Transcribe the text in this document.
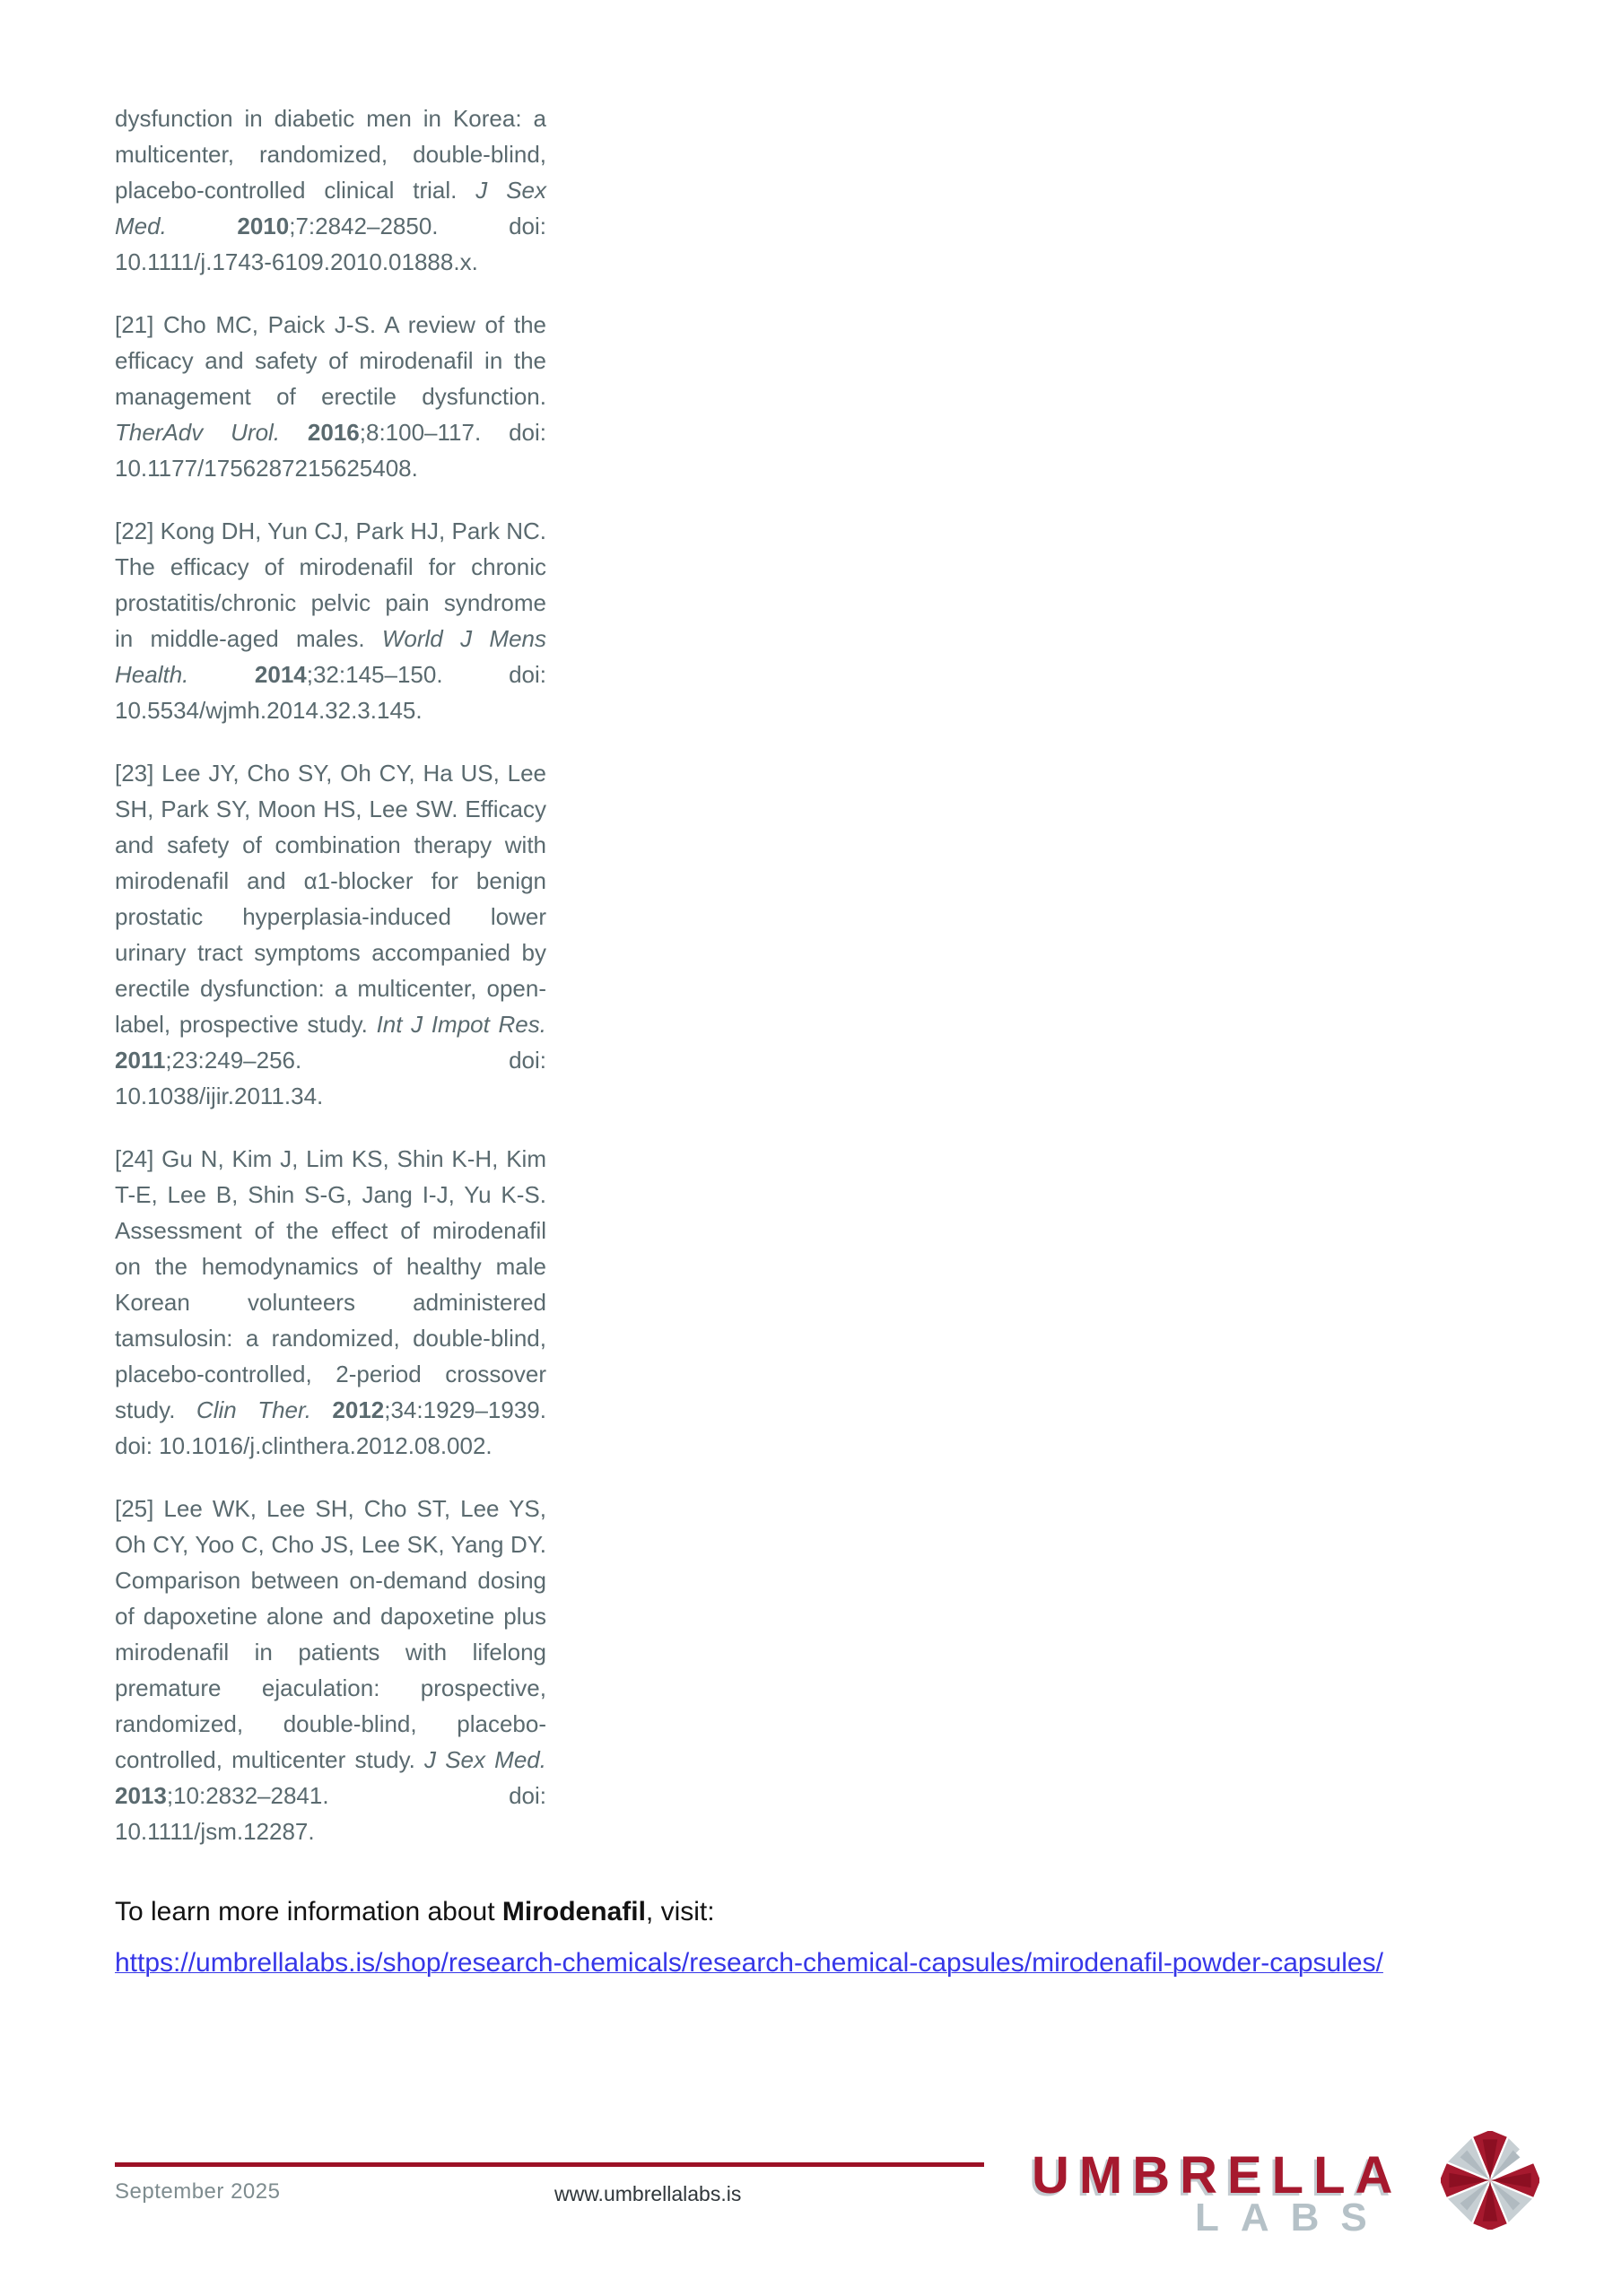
dysfunction in diabetic men in Korea: a multicenter, randomized, double-blind, placebo-controlled clinical trial. J Sex Med. 2010;7:2842–2850. doi: 10.1111/j.1743-6109.2010.01888.x.

[21] Cho MC, Paick J-S. A review of the efficacy and safety of mirodenafil in the management of erectile dysfunction. TherAdv Urol. 2016;8:100–117. doi: 10.1177/1756287215625408.

[22] Kong DH, Yun CJ, Park HJ, Park NC. The efficacy of mirodenafil for chronic prostatitis/chronic pelvic pain syndrome in middle-aged males. World J Mens Health. 2014;32:145–150. doi: 10.5534/wjmh.2014.32.3.145.

[23] Lee JY, Cho SY, Oh CY, Ha US, Lee SH, Park SY, Moon HS, Lee SW. Efficacy and safety of combination therapy with mirodenafil and α1-blocker for benign prostatic hyperplasia-induced lower urinary tract symptoms accompanied by erectile dysfunction: a multicenter, open-label, prospective study. Int J Impot Res. 2011;23:249–256. doi: 10.1038/ijir.2011.34.

[24] Gu N, Kim J, Lim KS, Shin K-H, Kim T-E, Lee B, Shin S-G, Jang I-J, Yu K-S. Assessment of the effect of mirodenafil on the hemodynamics of healthy male Korean volunteers administered tamsulosin: a randomized, double-blind, placebo-controlled, 2-period crossover study. Clin Ther. 2012;34:1929–1939. doi: 10.1016/j.clinthera.2012.08.002.

[25] Lee WK, Lee SH, Cho ST, Lee YS, Oh CY, Yoo C, Cho JS, Lee SK, Yang DY. Comparison between on-demand dosing of dapoxetine alone and dapoxetine plus mirodenafil in patients with lifelong premature ejaculation: prospective, randomized, double-blind, placebo-controlled, multicenter study. J Sex Med. 2013;10:2832–2841. doi: 10.1111/jsm.12287.

To learn more information about Mirodenafil, visit:
https://umbrellalabs.is/shop/research-chemicals/research-chemical-capsules/mirodenafil-powder-capsules/
September 2025	www.umbrellalabs.is	UMBRELLA
LABS
